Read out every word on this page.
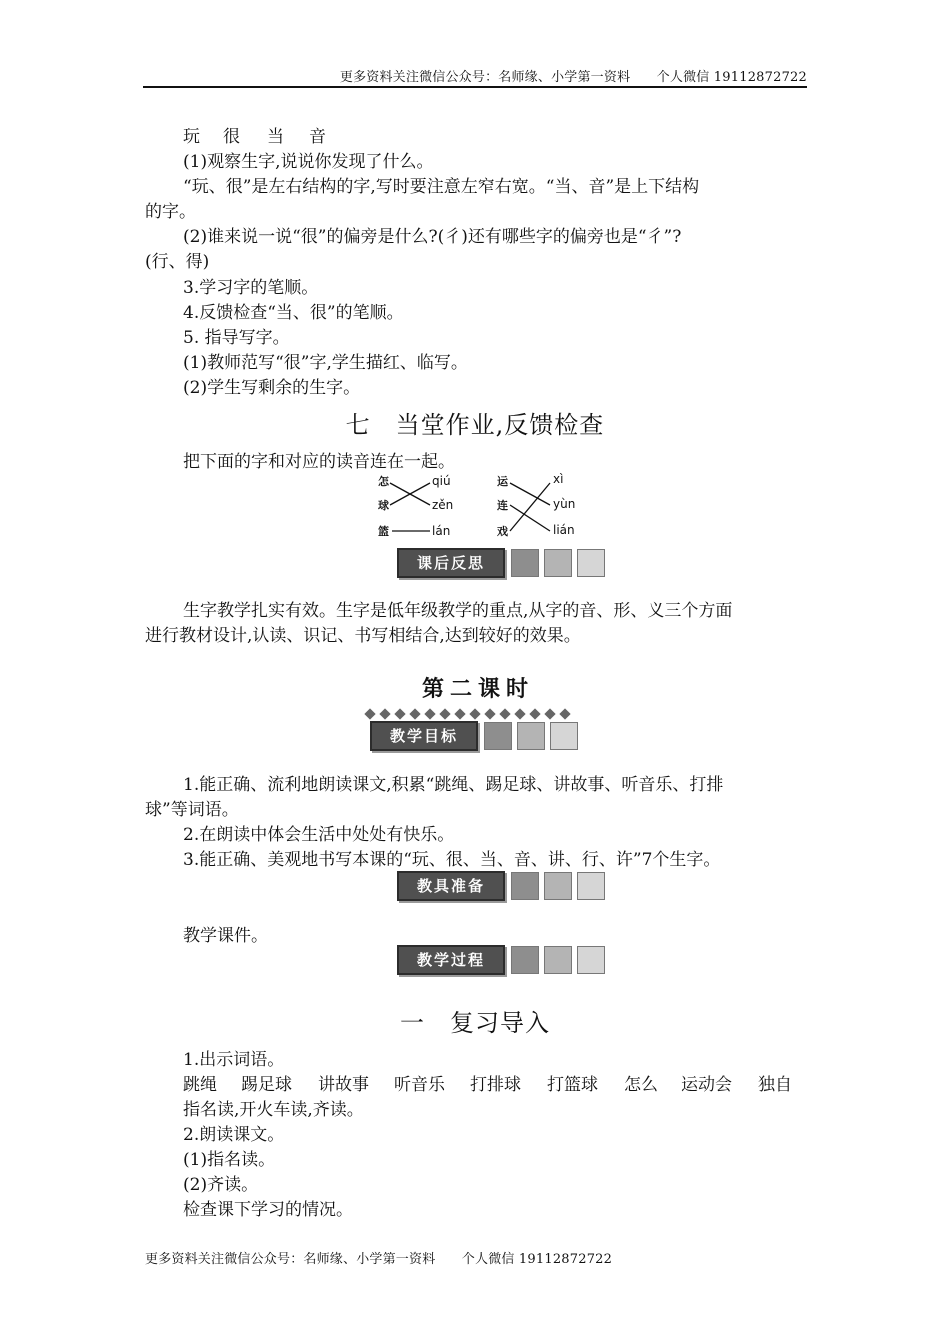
更多资料关注微信公众号：名师缘、小学第一资料　　个人微信 19112872722
玩 很 当 音
(1)观察生字,说说你发现了什么。
“玩、很”是左右结构的字,写时要注意左窄右宽。“当、音”是上下结构
的字。
(2)谁来说一说“很”的偏旁是什么?(彳)还有哪些字的偏旁也是“彳”?
(行、得)
3.学习字的笔顺。
4.反馈检查“当、很”的笔顺。
5. 指导写字。
(1)教师范写“很”字,学生描红、临写。
(2)学生写剩余的生字。
七　当堂作业,反馈检查
把下面的字和对应的读音连在一起。
怎
球
篮
qiú
zěn
lán
运
连
戏
xì
yùn
lián
课后反思
生字教学扎实有效。生字是低年级教学的重点,从字的音、形、义三个方面
进行教材设计,认读、识记、书写相结合,达到较好的效果。
第二课时
教学目标
1.能正确、流利地朗读课文,积累“跳绳、踢足球、讲故事、听音乐、打排
球”等词语。
2.在朗读中体会生活中处处有快乐。
3.能正确、美观地书写本课的“玩、很、当、音、讲、行、许”7个生字。
教具准备
教学课件。
教学过程
一　复习导入
1.出示词语。
跳绳 踢足球 讲故事 听音乐 打排球 打篮球 怎么 运动会 独自
指名读,开火车读,齐读。
2.朗读课文。
(1)指名读。
(2)齐读。
检查课下学习的情况。
更多资料关注微信公众号：名师缘、小学第一资料　　个人微信 19112872722
